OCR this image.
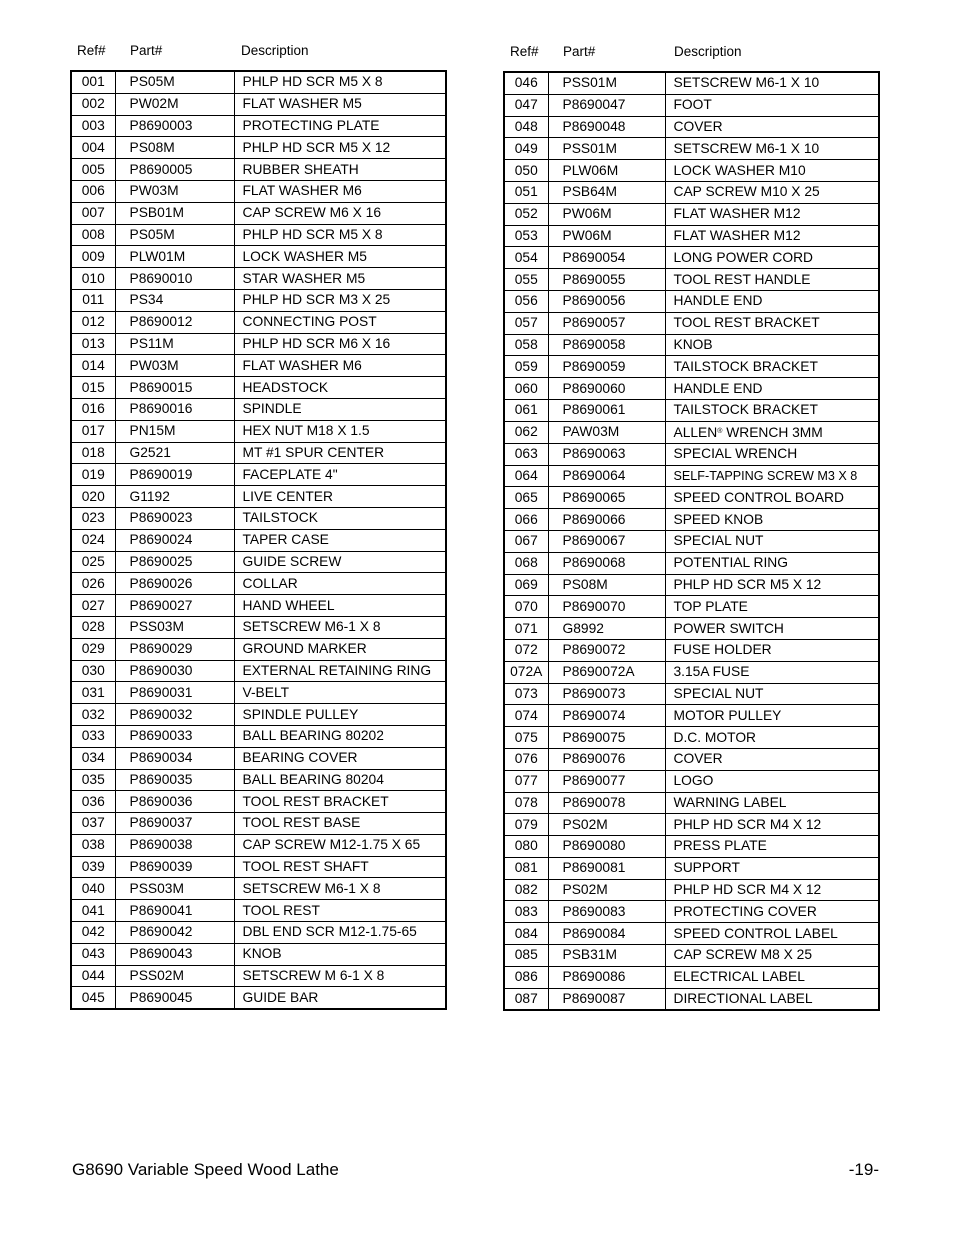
Ref# Part#	Description
001	PS05M	PHLP HD SCR M5 X 8
002	PW02M	FLAT WASHER M5
003	P8690003	PROTECTING PLATE
004	PS08M	PHLP HD SCR M5 X 12
005	P8690005	RUBBER SHEATH
006	PW03M	FLAT WASHER M6
007	PSB01M	CAP SCREW M6 X 16
008	PS05M	PHLP HD SCR M5 X 8
009	PLW01M	LOCK WASHER M5
010	P8690010	STAR WASHER M5
011	PS34	PHLP HD SCR M3 X 25
012	P8690012	CONNECTING POST
013	PS11M	PHLP HD SCR M6 X 16
014	PW03M	FLAT WASHER M6
015	P8690015	HEADSTOCK
016	P8690016	SPINDLE
017	PN15M	HEX NUT M18 X 1.5
018	G2521	MT #1 SPUR CENTER
019	P8690019	FACEPLATE 4"
020	G1192	LIVE CENTER
023	P8690023	TAILSTOCK
024	P8690024	TAPER CASE
025	P8690025	GUIDE SCREW
026	P8690026	COLLAR
027	P8690027	HAND WHEEL
028	PSS03M	SETSCREW M6-1 X 8
029	P8690029	GROUND MARKER
030	P8690030	EXTERNAL RETAINING RING
031	P8690031	V-BELT
032	P8690032	SPINDLE PULLEY
033	P8690033	BALL BEARING 80202
034	P8690034	BEARING COVER
035	P8690035	BALL BEARING 80204
036	P8690036	TOOL REST BRACKET
037	P8690037	TOOL REST BASE
038	P8690038	CAP SCREW M12-1.75 X 65
039	P8690039	TOOL REST SHAFT
040	PSS03M	SETSCREW M6-1 X 8
041	P8690041	TOOL REST
042	P8690042	DBL END SCR M12-1.75-65
043	P8690043	KNOB
044	PSS02M	SETSCREW M 6-1 X 8
045	P8690045	GUIDE BAR
Ref# Part#	Description
046	PSS01M	SETSCREW M6-1 X 10
047	P8690047	FOOT
048	P8690048	COVER
049	PSS01M	SETSCREW M6-1 X 10
050	PLW06M	LOCK WASHER M10
051	PSB64M	CAP SCREW M10 X 25
052	PW06M	FLAT WASHER M12
053	PW06M	FLAT WASHER M12
054	P8690054	LONG POWER CORD
055	P8690055	TOOL REST HANDLE
056	P8690056	HANDLE END
057	P8690057	TOOL REST BRACKET
058	P8690058	KNOB
059	P8690059	TAILSTOCK BRACKET
060	P8690060	HANDLE END
061	P8690061	TAILSTOCK BRACKET
062	PAW03M	ALLEN® WRENCH 3MM
063	P8690063	SPECIAL WRENCH
064	P8690064	SELF-TAPPING SCREW M3 X 8
065	P8690065	SPEED CONTROL BOARD
066	P8690066	SPEED KNOB
067	P8690067	SPECIAL NUT
068	P8690068	POTENTIAL RING
069	PS08M	PHLP HD SCR M5 X 12
070	P8690070	TOP PLATE
071	G8992	POWER SWITCH
072	P8690072	FUSE HOLDER
072A	P8690072A	3.15A FUSE
073	P8690073	SPECIAL NUT
074	P8690074	MOTOR PULLEY
075	P8690075	D.C. MOTOR
076	P8690076	COVER
077	P8690077	LOGO
078	P8690078	WARNING LABEL
079	PS02M	PHLP HD SCR M4 X 12
080	P8690080	PRESS PLATE
081	P8690081	SUPPORT
082	PS02M	PHLP HD SCR M4 X 12
083	P8690083	PROTECTING COVER
084	P8690084	SPEED CONTROL LABEL
085	PSB31M	CAP SCREW M8 X 25
086	P8690086	ELECTRICAL LABEL
087	P8690087	DIRECTIONAL LABEL
G8690 Variable Speed Wood Lathe	-19-
